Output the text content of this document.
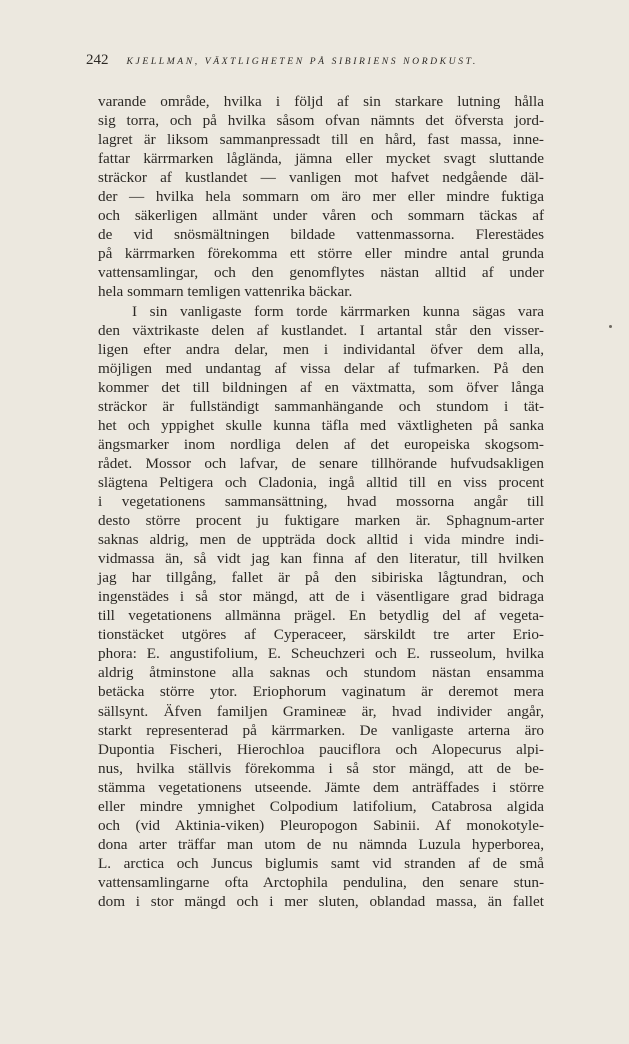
242 KJELLMAN, VÄXTLIGHETEN PÅ SIBIRIENS NORDKUST.
varande område, hvilka i följd af sin starkare lutning hålla
sig torra, och på hvilka såsom ofvan nämnts det öfversta jord-
lagret är liksom sammanpressadt till en hård, fast massa, inne-
fattar kärrmarken lågländа, jämna eller mycket svagt sluttande
sträckor af kustlandet — vanligen mot hafvet nedgående däl-
der — hvilka hela sommarn om äro mer eller mindre fuktiga
och säkerligen allmänt under våren och sommarn täckas af
de vid snösmältningen bildade vattenmassorna. Flerestädes
på kärrmarken förekomma ett större eller mindre antal grunda
vattensamlingar, och den genomflytes nästan alltid af under
hela sommarn temligen vattenrika bäckar.
I sin vanligaste form torde kärrmarken kunna sägas vara
den växtrikaste delen af kustlandet. I artantal står den visser-
ligen efter andra delar, men i individantal öfver dem alla,
möjligen med undantag af vissa delar af tufmarken. På den
kommer det till bildningen af en växtmatta, som öfver långa
sträckor är fullständigt sammanhängande och stundom i tät-
het och yppighet skulle kunna täfla med växtligheten på sanka
ängsmarker inom nordliga delen af det europeiska skogsom-
rådet. Mossor och lafvar, de senare tillhörande hufvudsakligen
slägtena Peltigera och Cladonia, ingå alltid till en viss procent
i vegetationens sammansättning, hvad mossorna angår till
desto större procent ju fuktigare marken är. Sphagnum-arter
saknas aldrig, men de uppträda dock alltid i vida mindre indi-
vidmassa än, så vidt jag kan finna af den literatur, till hvilken
jag har tillgång, fallet är på den sibiriska lågtundran, och
ingenstädes i så stor mängd, att de i väsentligare grad bidraga
till vegetationens allmänna prägel. En betydlig del af vegeta-
tionstäcket utgöres af Cyperaceer, särskildt tre arter Erio-
phora: E. angustifolium, E. Scheuchzeri och E. russeolum, hvilka
aldrig åtminstone alla saknas och stundom nästan ensamma
betäcka större ytor. Eriophorum vaginatum är deremot mera
sällsynt. Äfven familjen Gramineæ är, hvad individer angår,
starkt representerad på kärrmarken. De vanligaste arterna äro
Dupontia Fischeri, Hierochloa pauciflora och Alopecurus alpi-
nus, hvilka ställvis förekomma i så stor mängd, att de be-
stämma vegetationens utseende. Jämte dem anträffades i större
eller mindre ymnighet Colpodium latifolium, Catabrosa algida
och (vid Aktinia-viken) Pleuropogon Sabinii. Af monokotyle-
dona arter träffar man utom de nu nämnda Luzula hyperborea,
L. arctica och Juncus biglumis samt vid stranden af de små
vattensamlingarne ofta Arctophila pendulina, den senare stun-
dom i stor mängd och i mer sluten, oblandad massa, än fallet
